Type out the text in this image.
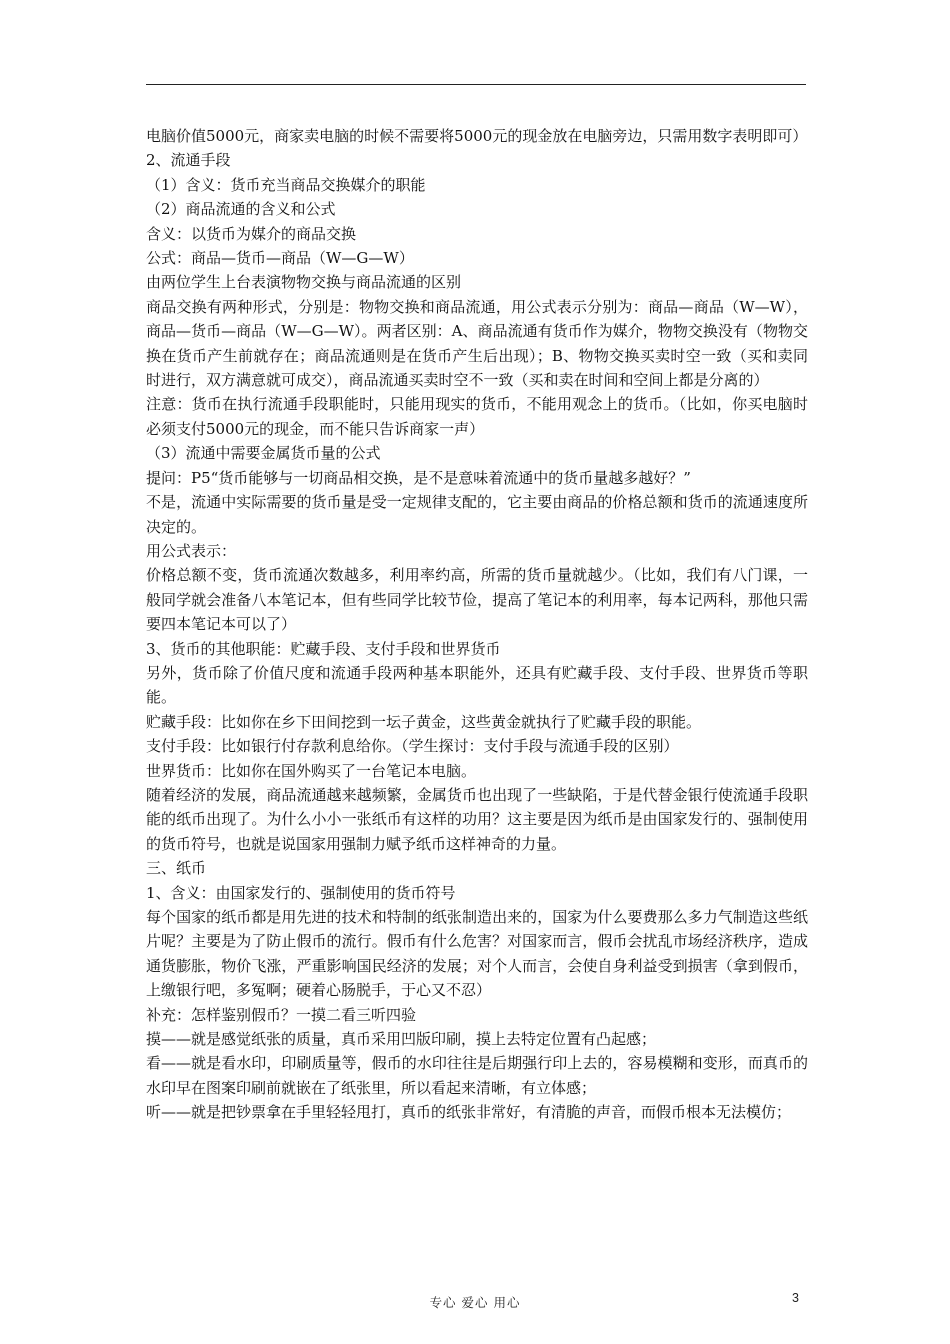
电脑价值5000元，商家卖电脑的时候不需要将5000元的现金放在电脑旁边，只需用数字表明即可）

2、流通手段

（1）含义：货币充当商品交换媒介的职能

（2）商品流通的含义和公式

含义：以货币为媒介的商品交换

公式：商品—货币—商品（W—G—W）

由两位学生上台表演物物交换与商品流通的区别

商品交换有两种形式，分别是：物物交换和商品流通，用公式表示分别为：商品—商品（W—W），商品—货币—商品（W—G—W）。两者区别：A、商品流通有货币作为媒介，物物交换没有（物物交换在货币产生前就存在；商品流通则是在货币产生后出现）；B、物物交换买卖时空一致（买和卖同时进行，双方满意就可成交），商品流通买卖时空不一致（买和卖在时间和空间上都是分离的）

注意：货币在执行流通手段职能时，只能用现实的货币，不能用观念上的货币。（比如，你买电脑时必须支付5000元的现金，而不能只告诉商家一声）

（3）流通中需要金属货币量的公式

提问：P5“货币能够与一切商品相交换，是不是意味着流通中的货币量越多越好？”

不是，流通中实际需要的货币量是受一定规律支配的，它主要由商品的价格总额和货币的流通速度所决定的。

用公式表示：

价格总额不变，货币流通次数越多，利用率约高，所需的货币量就越少。（比如，我们有八门课，一般同学就会准备八本笔记本，但有些同学比较节俭，提高了笔记本的利用率，每本记两科，那他只需要四本笔记本可以了）

3、货币的其他职能：贮藏手段、支付手段和世界货币

另外，货币除了价值尺度和流通手段两种基本职能外，还具有贮藏手段、支付手段、世界货币等职能。

贮藏手段：比如你在乡下田间挖到一坛子黄金，这些黄金就执行了贮藏手段的职能。

支付手段：比如银行付存款利息给你。（学生探讨：支付手段与流通手段的区别）

世界货币：比如你在国外购买了一台笔记本电脑。

随着经济的发展，商品流通越来越频繁，金属货币也出现了一些缺陷，于是代替金银行使流通手段职能的纸币出现了。为什么小小一张纸币有这样的功用？这主要是因为纸币是由国家发行的、强制使用的货币符号，也就是说国家用强制力赋予纸币这样神奇的力量。

三、纸币

1、含义：由国家发行的、强制使用的货币符号

每个国家的纸币都是用先进的技术和特制的纸张制造出来的，国家为什么要费那么多力气制造这些纸片呢？主要是为了防止假币的流行。假币有什么危害？对国家而言，假币会扰乱市场经济秩序，造成通货膨胀，物价飞涨，严重影响国民经济的发展；对个人而言，会使自身利益受到损害（拿到假币，上缴银行吧，多冤啊；硬着心肠脱手，于心又不忍）

补充：怎样鉴别假币？一摸二看三听四验

摸——就是感觉纸张的质量，真币采用凹版印刷，摸上去特定位置有凸起感；

看——就是看水印，印刷质量等，假币的水印往往是后期强行印上去的，容易模糊和变形，而真币的水印早在图案印刷前就嵌在了纸张里，所以看起来清晰，有立体感；

听——就是把钞票拿在手里轻轻甩打，真币的纸张非常好，有清脆的声音，而假币根本无法模仿；

专心 爱心 用心	3
